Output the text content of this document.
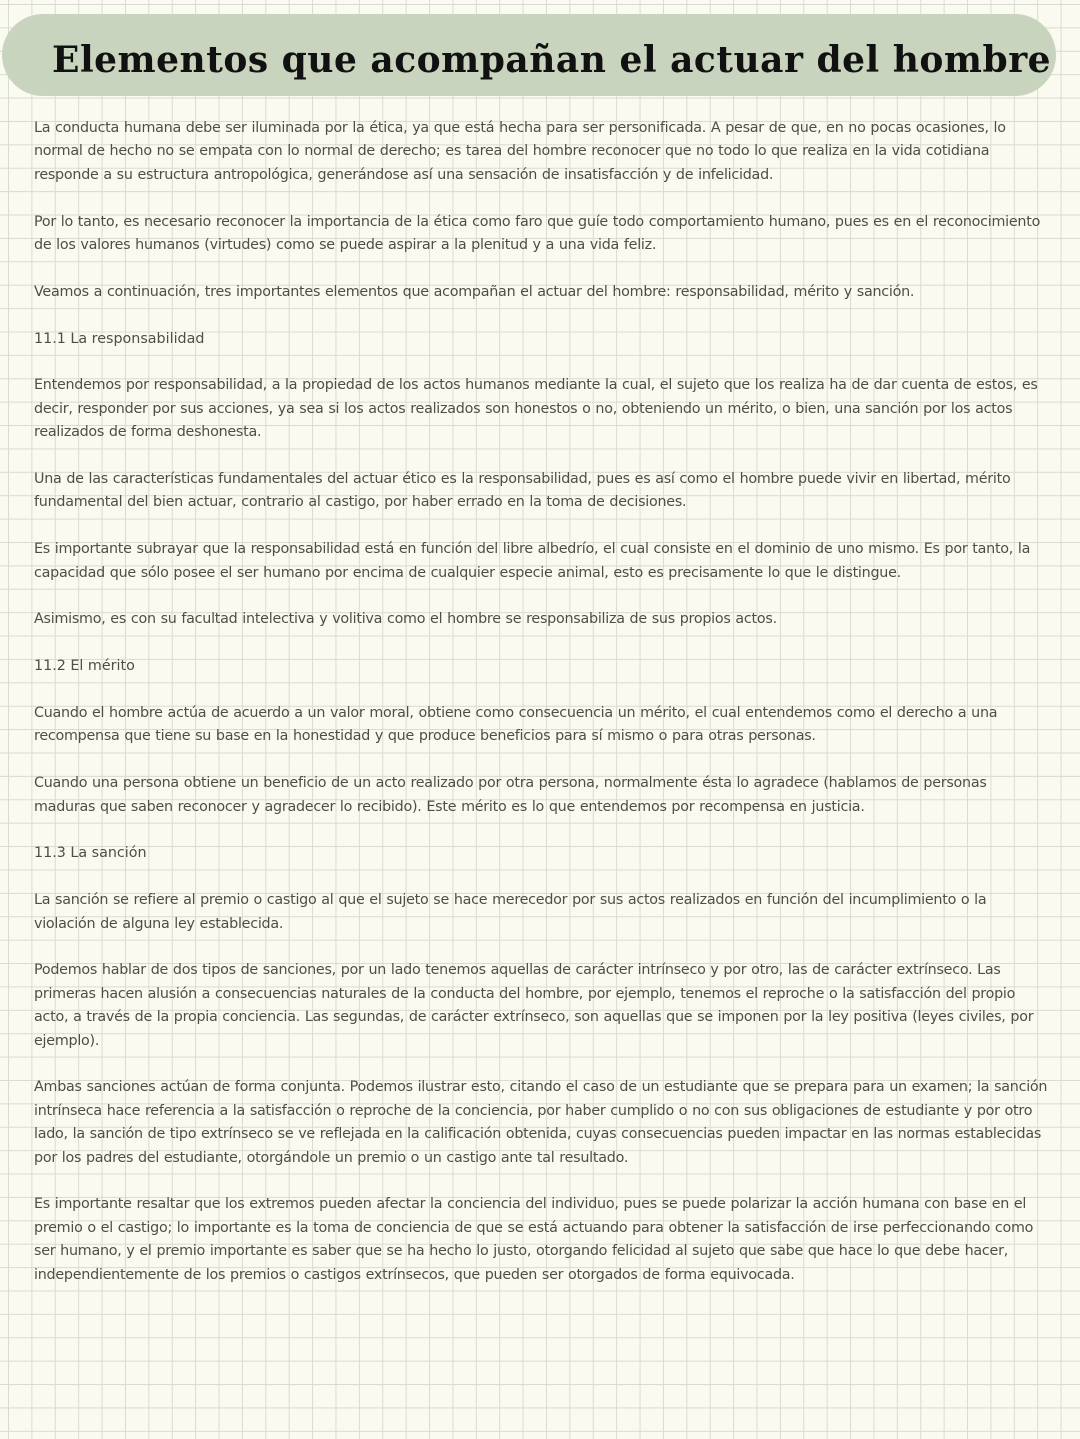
Elementos que acompañan el actuar del hombre

La conducta humana debe ser iluminada por la ética, ya que está hecha para ser personificada. A pesar de que, en no pocas ocasiones, lo normal de hecho no se empata con lo normal de derecho; es tarea del hombre reconocer que no todo lo que realiza en la vida cotidiana responde a su estructura antropológica, generándose así una sensación de insatisfacción y de infelicidad.

Por lo tanto, es necesario reconocer la importancia de la ética como faro que guíe todo comportamiento humano, pues es en el reconocimiento de los valores humanos (virtudes) como se puede aspirar a la plenitud y a una vida feliz.

Veamos a continuación, tres importantes elementos que acompañan el actuar del hombre: responsabilidad, mérito y sanción.

11.1 La responsabilidad

Entendemos por responsabilidad, a la propiedad de los actos humanos mediante la cual, el sujeto que los realiza ha de dar cuenta de estos, es decir, responder por sus acciones, ya sea si los actos realizados son honestos o no, obteniendo un mérito, o bien, una sanción por los actos realizados de forma deshonesta.

Una de las características fundamentales del actuar ético es la responsabilidad, pues es así como el hombre puede vivir en libertad, mérito fundamental del bien actuar, contrario al castigo, por haber errado en la toma de decisiones.

Es importante subrayar que la responsabilidad está en función del libre albedrío, el cual consiste en el dominio de uno mismo. Es por tanto, la capacidad que sólo posee el ser humano por encima de cualquier especie animal, esto es precisamente lo que le distingue.

Asimismo, es con su facultad intelectiva y volitiva como el hombre se responsabiliza de sus propios actos.

11.2 El mérito

Cuando el hombre actúa de acuerdo a un valor moral, obtiene como consecuencia un mérito, el cual entendemos como el derecho a una recompensa que tiene su base en la honestidad y que produce beneficios para sí mismo o para otras personas.

Cuando una persona obtiene un beneficio de un acto realizado por otra persona, normalmente ésta lo agradece (hablamos de personas maduras que saben reconocer y agradecer lo recibido). Este mérito es lo que entendemos por recompensa en justicia.

11.3 La sanción

La sanción se refiere al premio o castigo al que el sujeto se hace merecedor por sus actos realizados en función del incumplimiento o la violación de alguna ley establecida.

Podemos hablar de dos tipos de sanciones, por un lado tenemos aquellas de carácter intrínseco y por otro, las de carácter extrínseco. Las primeras hacen alusión a consecuencias naturales de la conducta del hombre, por ejemplo, tenemos el reproche o la satisfacción del propio acto, a través de la propia conciencia. Las segundas, de carácter extrínseco, son aquellas que se imponen por la ley positiva (leyes civiles, por ejemplo).

Ambas sanciones actúan de forma conjunta. Podemos ilustrar esto, citando el caso de un estudiante que se prepara para un examen; la sanción intrínseca hace referencia a la satisfacción o reproche de la conciencia, por haber cumplido o no con sus obligaciones de estudiante y por otro lado, la sanción de tipo extrínseco se ve reflejada en la calificación obtenida, cuyas consecuencias pueden impactar en las normas establecidas por los padres del estudiante, otorgándole un premio o un castigo ante tal resultado.

Es importante resaltar que los extremos pueden afectar la conciencia del individuo, pues se puede polarizar la acción humana con base en el premio o el castigo; lo importante es la toma de conciencia de que se está actuando para obtener la satisfacción de irse perfeccionando como ser humano, y el premio importante es saber que se ha hecho lo justo, otorgando felicidad al sujeto que sabe que hace lo que debe hacer, independientemente de los premios o castigos extrínsecos, que pueden ser otorgados de forma equivocada.
